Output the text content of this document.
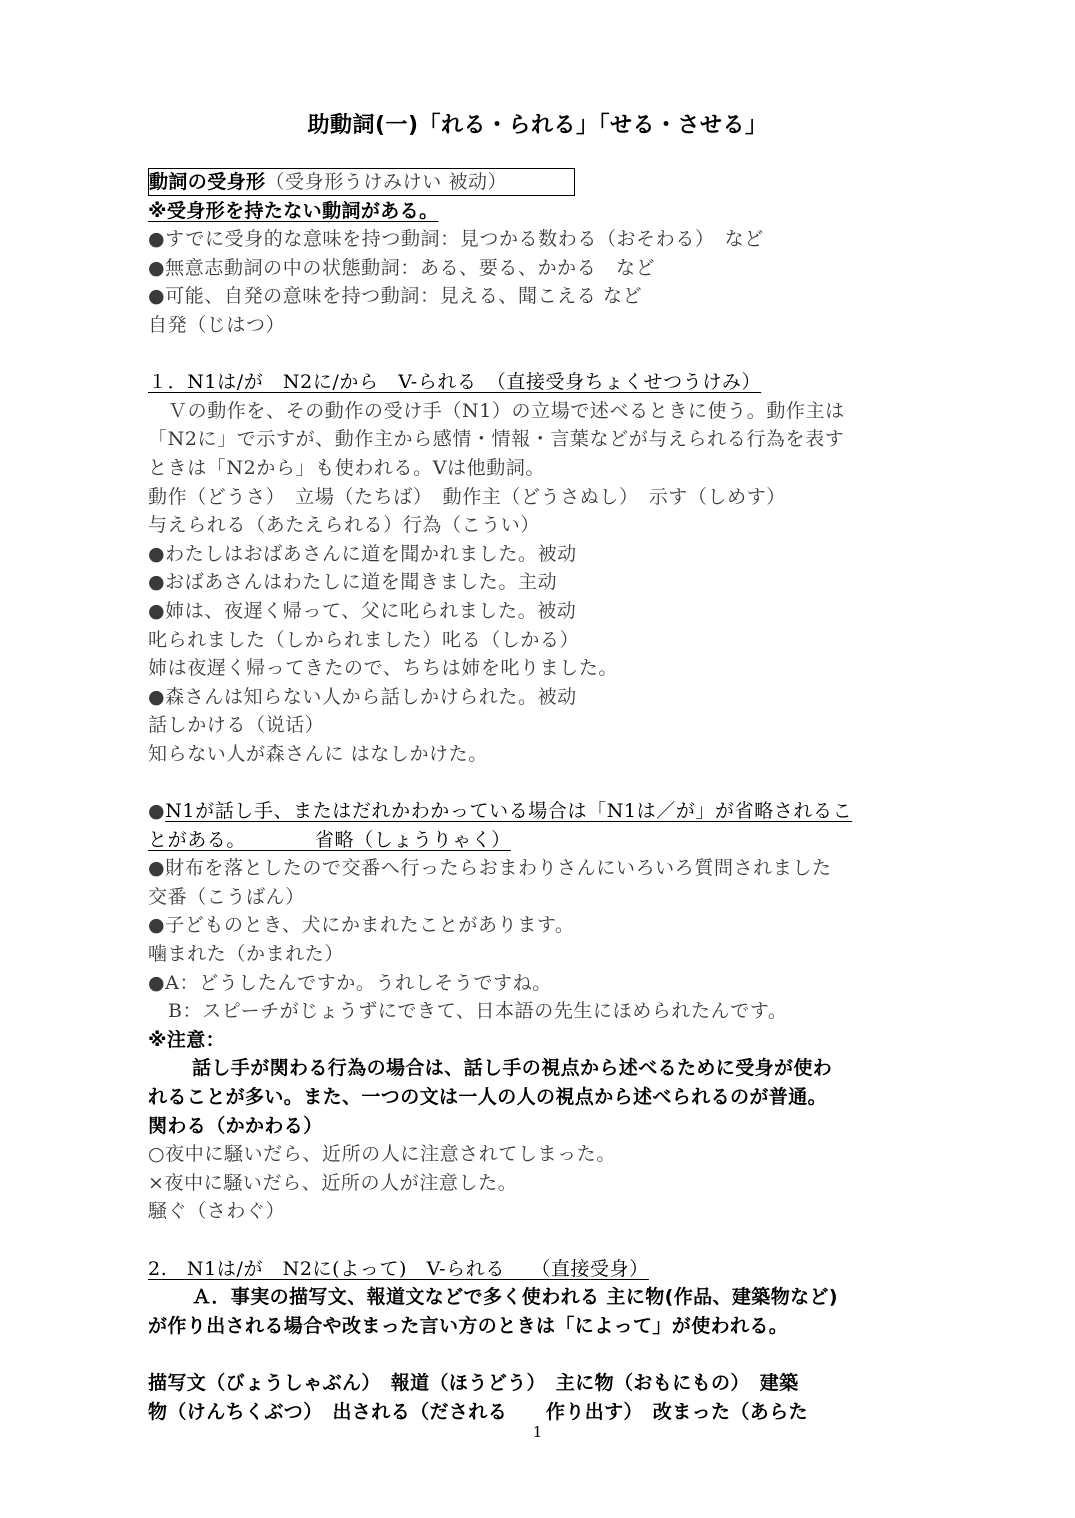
助動詞(一)「れる・られる」「せる・させる」
動詞の受身形（受身形うけみけい 被动）
※受身形を持たない動詞がある。
●すでに受身的な意味を持つ動詞：見つかる数わる（おそわる）　など
●無意志動詞の中の状態動詞：ある、要る、かかる　など
●可能、自発の意味を持つ動詞：見える、聞こえる など
自発（じはつ）
１．N1は/が　N2に/から　V-られる　（直接受身ちょくせつうけみ）
Ｖの動作を、その動作の受け手（N1）の立場で述べるときに使う。動作主は
「N2に」で示すが、動作主から感情・情報・言葉などが与えられる行為を表す
ときは「N2から」も使われる。Vは他動詞。
動作（どうさ）　立場（たちば）　動作主（どうさぬし）　示す（しめす）
与えられる（あたえられる）行為（こうい）
●わたしはおばあさんに道を聞かれました。被动
●おばあさんはわたしに道を聞きました。主动
●姉は、夜遅く帰って、父に叱られました。被动
叱られました（しかられました）叱る（しかる）
姉は夜遅く帰ってきたので、ちちは姉を叱りました。
●森さんは知らない人から話しかけられた。被动
話しかける（说话）
知らない人が森さんに はなしかけた。
●N1が話し手、またはだれかわかっている場合は「N1は／が」が省略されるこ
とがある。　　　　省略（しょうりゃく）
●財布を落としたので交番へ行ったらおまわりさんにいろいろ質問されました
交番（こうばん）
●子どものとき、犬にかまれたことがあります。
噛まれた（かまれた）
●A：どうしたんですか。うれしそうですね。
B：スピーチがじょうずにできて、日本語の先生にほめられたんです。
※注意：
話し手が関わる行為の場合は、話し手の視点から述べるために受身が使わ
れることが多い。また、一つの文は一人の人の視点から述べられるのが普通。
関わる（かかわる）
○夜中に騒いだら、近所の人に注意されてしまった。
×夜中に騒いだら、近所の人が注意した。
騒ぐ（さわぐ）
2.　N1は/が　N2に(よって)　V-られる　 （直接受身）
Ａ．事実の描写文、報道文などで多く使われる 主に物(作品、建築物など)
が作り出される場合や改まった言い方のときは「によって」が使われる。
描写文（びょうしゃぶん）　報道（ほうどう）　主に物（おもにもの）　建築
物（けんちくぶつ）　出される（だされる　　作り出す）　改まった（あらた
1
